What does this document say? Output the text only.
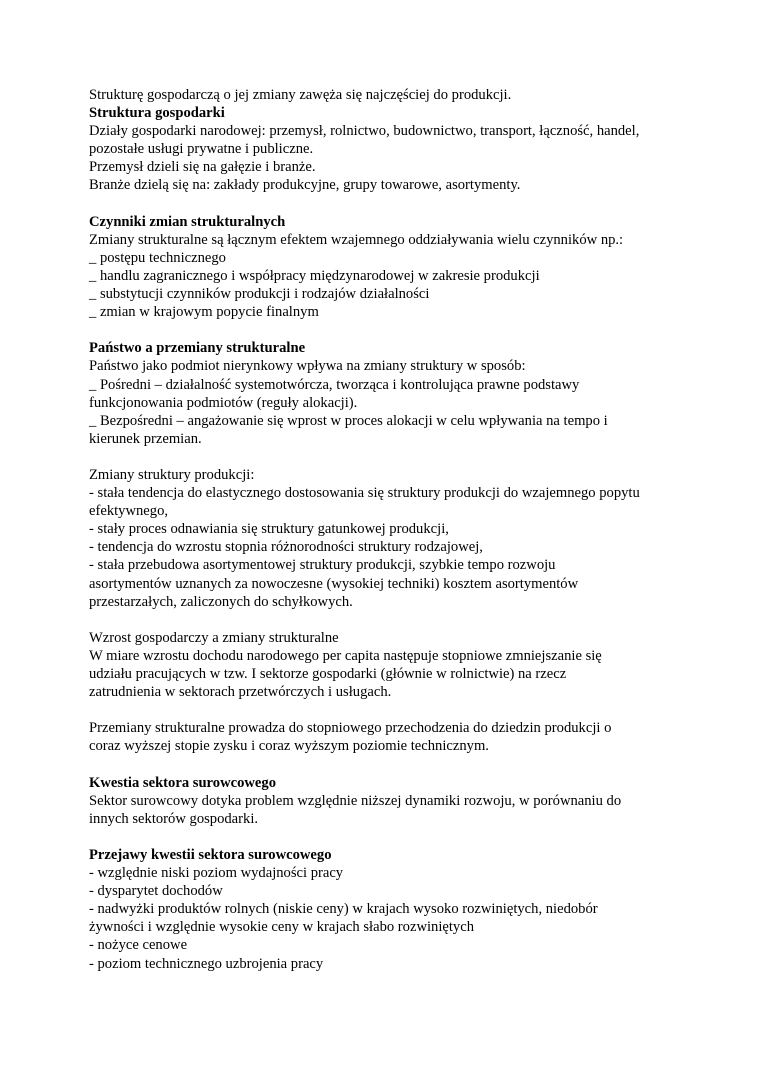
Strukturę gospodarczą o jej zmiany zawęża się najczęściej do produkcji.
Struktura gospodarki
Działy gospodarki narodowej: przemysł, rolnictwo, budownictwo, transport, łączność, handel,
pozostałe usługi prywatne i publiczne.
Przemysł dzieli się na gałęzie i branże.
Branże dzielą się na: zakłady produkcyjne, grupy towarowe, asortymenty.
Czynniki zmian strukturalnych
Zmiany strukturalne są łącznym efektem wzajemnego oddziaływania wielu czynników np.:
_ postępu technicznego
_ handlu zagranicznego i współpracy międzynarodowej w zakresie produkcji
_ substytucji czynników produkcji i rodzajów działalności
_ zmian w krajowym popycie finalnym
Państwo a przemiany strukturalne
Państwo jako podmiot nierynkowy wpływa na zmiany struktury w sposób:
_ Pośredni – działalność systemotwórcza, tworząca i kontrolująca prawne podstawy
funkcjonowania podmiotów (reguły alokacji).
_ Bezpośredni – angażowanie się wprost w proces alokacji w celu wpływania na tempo i
kierunek przemian.
Zmiany struktury produkcji:
- stała tendencja do elastycznego dostosowania się struktury produkcji do wzajemnego popytu
efektywnego,
- stały proces odnawiania się struktury gatunkowej produkcji,
- tendencja do wzrostu stopnia różnorodności struktury rodzajowej,
- stała przebudowa asortymentowej struktury produkcji, szybkie tempo rozwoju
asortymentów uznanych za nowoczesne (wysokiej techniki) kosztem asortymentów
przestarzałych, zaliczonych do schyłkowych.
Wzrost gospodarczy a zmiany strukturalne
W miare wzrostu dochodu narodowego per capita następuje stopniowe zmniejszanie się
udziału pracujących w tzw. I sektorze gospodarki (głównie w rolnictwie) na rzecz
zatrudnienia w sektorach przetwórczych i usługach.
Przemiany strukturalne prowadza do stopniowego przechodzenia do dziedzin produkcji o
coraz wyższej stopie zysku i coraz wyższym poziomie technicznym.
Kwestia sektora surowcowego
Sektor surowcowy dotyka problem względnie niższej dynamiki rozwoju, w porównaniu do
innych sektorów gospodarki.
Przejawy kwestii sektora surowcowego
- względnie niski poziom wydajności pracy
- dysparytet dochodów
- nadwyżki produktów rolnych (niskie ceny) w krajach wysoko rozwiniętych, niedobór
żywności i względnie wysokie ceny w krajach słabo rozwiniętych
- nożyce cenowe
- poziom technicznego uzbrojenia pracy
